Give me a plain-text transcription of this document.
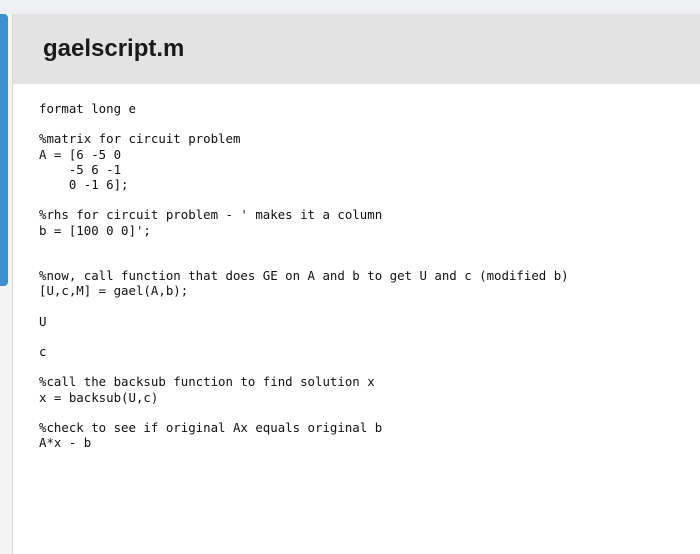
gaelscript.m
format long e
%matrix for circuit problem
A = [6 -5 0
-5 6 -1
0 -1 6];
%rhs for circuit problem - ' makes it a column
b = [100 0 0]';
%now, call function that does GE on A and b to get U and c (modified b)
[U,c,M] = gael(A,b);
U
c
%call the backsub function to find solution x
x = backsub(U,c)
%check to see if original Ax equals original b
A*x - b
